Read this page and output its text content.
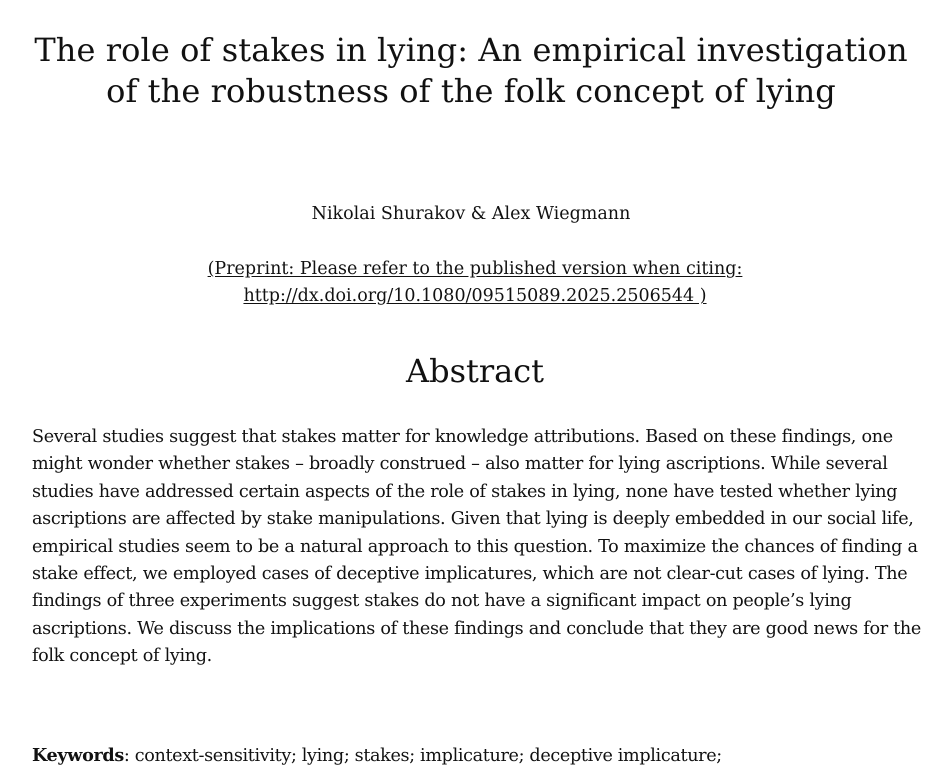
The role of stakes in lying: An empirical investigation of the robustness of the folk concept of lying
Nikolai Shurakov & Alex Wiegmann
(Preprint: Please refer to the published version when citing:
http://dx.doi.org/10.1080/09515089.2025.2506544 )
Abstract

Several studies suggest that stakes matter for knowledge attributions. Based on these findings, one might wonder whether stakes – broadly construed – also matter for lying ascriptions. While several studies have addressed certain aspects of the role of stakes in lying, none have tested whether lying ascriptions are affected by stake manipulations. Given that lying is deeply embedded in our social life, empirical studies seem to be a natural approach to this question. To maximize the chances of finding a stake effect, we employed cases of deceptive implicatures, which are not clear-cut cases of lying. The findings of three experiments suggest stakes do not have a significant impact on people’s lying ascriptions. We discuss the implications of these findings and conclude that they are good news for the folk concept of lying.

Keywords: context-sensitivity; lying; stakes; implicature; deceptive implicature;
